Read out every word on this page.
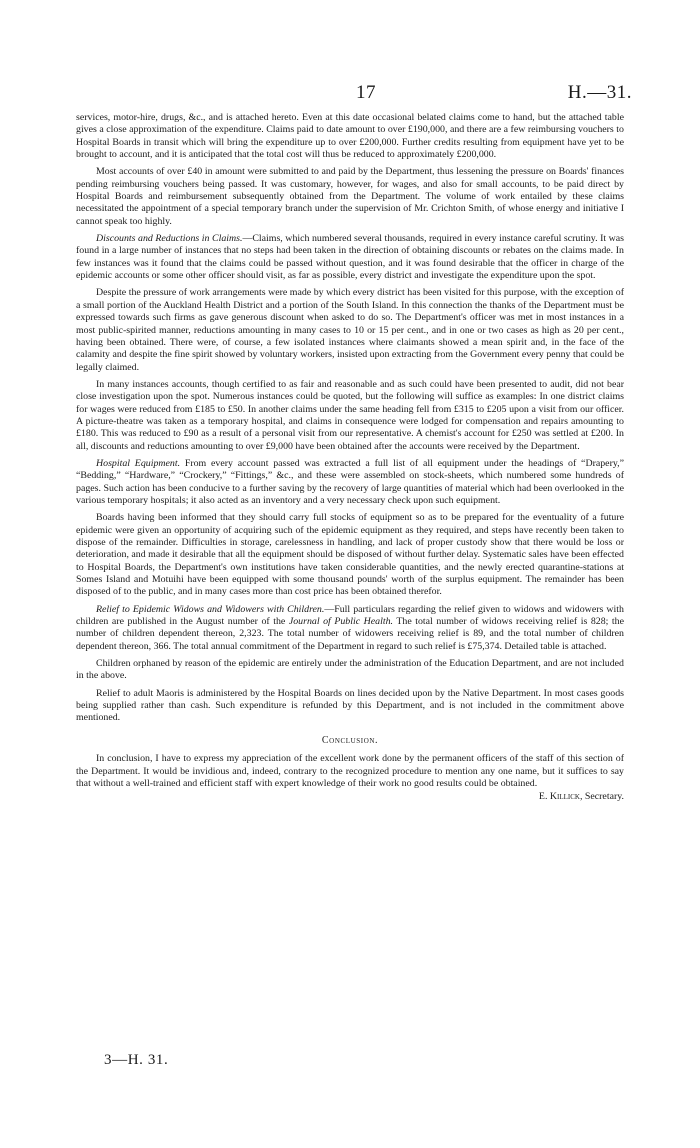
17	H.—31.

services, motor-hire, drugs, &c., and is attached hereto. Even at this date occasional belated claims come to hand, but the attached table gives a close approximation of the expenditure. Claims paid to date amount to over £190,000, and there are a few reimbursing vouchers to Hospital Boards in transit which will bring the expenditure up to over £200,000. Further credits resulting from equipment have yet to be brought to account, and it is anticipated that the total cost will thus be reduced to approximately £200,000.

Most accounts of over £40 in amount were submitted to and paid by the Department, thus lessening the pressure on Boards' finances pending reimbursing vouchers being passed. It was customary, however, for wages, and also for small accounts, to be paid direct by Hospital Boards and reimbursement subsequently obtained from the Department. The volume of work entailed by these claims necessitated the appointment of a special temporary branch under the supervision of Mr. Crichton Smith, of whose energy and initiative I cannot speak too highly.

Discounts and Reductions in Claims.—Claims, which numbered several thousands, required in every instance careful scrutiny. It was found in a large number of instances that no steps had been taken in the direction of obtaining discounts or rebates on the claims made. In few instances was it found that the claims could be passed without question, and it was found desirable that the officer in charge of the epidemic accounts or some other officer should visit, as far as possible, every district and investigate the expenditure upon the spot.

Despite the pressure of work arrangements were made by which every district has been visited for this purpose, with the exception of a small portion of the Auckland Health District and a portion of the South Island. In this connection the thanks of the Department must be expressed towards such firms as gave generous discount when asked to do so. The Department's officer was met in most instances in a most public-spirited manner, reductions amounting in many cases to 10 or 15 per cent., and in one or two cases as high as 20 per cent., having been obtained. There were, of course, a few isolated instances where claimants showed a mean spirit and, in the face of the calamity and despite the fine spirit showed by voluntary workers, insisted upon extracting from the Government every penny that could be legally claimed.

In many instances accounts, though certified to as fair and reasonable and as such could have been presented to audit, did not bear close investigation upon the spot. Numerous instances could be quoted, but the following will suffice as examples: In one district claims for wages were reduced from £185 to £50. In another claims under the same heading fell from £315 to £205 upon a visit from our officer. A picture-theatre was taken as a temporary hospital, and claims in consequence were lodged for compensation and repairs amounting to £180. This was reduced to £90 as a result of a personal visit from our representative. A chemist's account for £250 was settled at £200. In all, discounts and reductions amounting to over £9,000 have been obtained after the accounts were received by the Department.

Hospital Equipment. From every account passed was extracted a full list of all equipment under the headings of “Drapery,” “Bedding,” “Hardware,” “Crockery,” “Fittings,” &c., and these were assembled on stock-sheets, which numbered some hundreds of pages. Such action has been conducive to a further saving by the recovery of large quantities of material which had been overlooked in the various temporary hospitals; it also acted as an inventory and a very necessary check upon such equipment.

Boards having been informed that they should carry full stocks of equipment so as to be prepared for the eventuality of a future epidemic were given an opportunity of acquiring such of the epidemic equipment as they required, and steps have recently been taken to dispose of the remainder. Difficulties in storage, carelessness in handling, and lack of proper custody show that there would be loss or deterioration, and made it desirable that all the equipment should be disposed of without further delay. Systematic sales have been effected to Hospital Boards, the Department's own institutions have taken considerable quantities, and the newly erected quarantine-stations at Somes Island and Motuihi have been equipped with some thousand pounds' worth of the surplus equipment. The remainder has been disposed of to the public, and in many cases more than cost price has been obtained therefor.

Relief to Epidemic Widows and Widowers with Children.—Full particulars regarding the relief given to widows and widowers with children are published in the August number of the Journal of Public Health. The total number of widows receiving relief is 828; the number of children dependent thereon, 2,323. The total number of widowers receiving relief is 89, and the total number of children dependent thereon, 366. The total annual commitment of the Department in regard to such relief is £75,374. Detailed table is attached.

Children orphaned by reason of the epidemic are entirely under the administration of the Education Department, and are not included in the above.

Relief to adult Maoris is administered by the Hospital Boards on lines decided upon by the Native Department. In most cases goods being supplied rather than cash. Such expenditure is refunded by this Department, and is not included in the commitment above mentioned.

Conclusion.

In conclusion, I have to express my appreciation of the excellent work done by the permanent officers of the staff of this section of the Department. It would be invidious and, indeed, contrary to the recognized procedure to mention any one name, but it suffices to say that without a well-trained and efficient staff with expert knowledge of their work no good results could be obtained.

E. Killick, Secretary.

3—H. 31.
